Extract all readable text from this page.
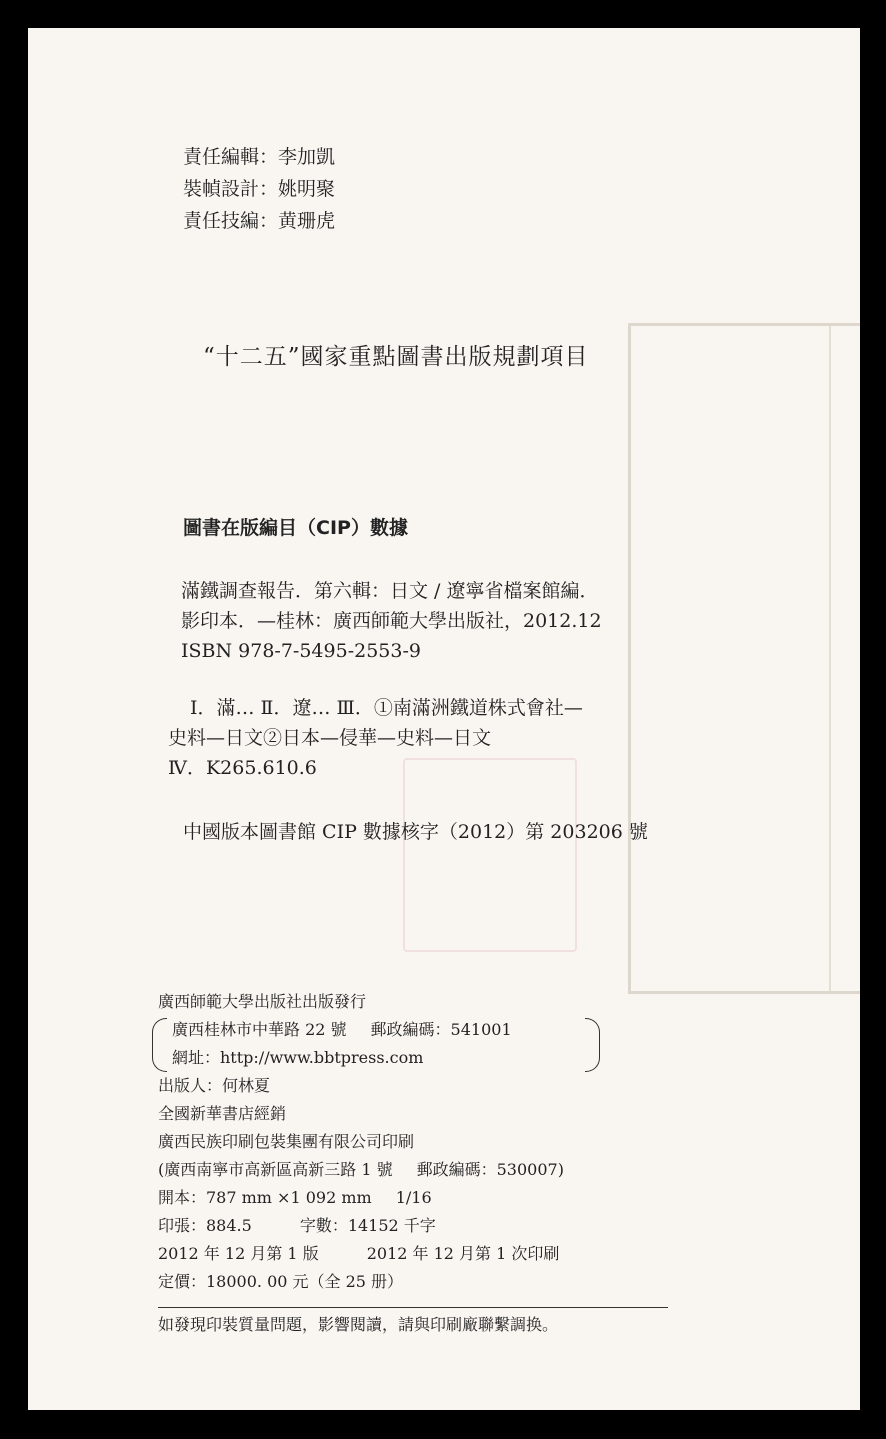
責任編輯：李加凱
裝幀設計：姚明聚
責任技編：黄珊虎
“十二五”國家重點圖書出版規劃項目
圖書在版編目（CIP）數據
滿鐵調查報告．第六輯：日文 / 遼寧省檔案館編．
影印本．—桂林：廣西師範大學出版社，2012.12
ISBN 978-7-5495-2553-9
Ⅰ．滿… Ⅱ．遼… Ⅲ．①南滿洲鐵道株式會社—
史料—日文②日本—侵華—史料—日文
Ⅳ．K265.610.6
中國版本圖書館 CIP 數據核字（2012）第 203206 號
廣西師範大學出版社出版發行
廣西桂林市中華路 22 號 郵政編碼：541001
網址：http://www.bbtpress.com
出版人：何林夏
全國新華書店經銷
廣西民族印刷包裝集團有限公司印刷
(廣西南寧市高新區高新三路 1 號 郵政編碼：530007)
開本：787 mm ×1 092 mm 1/16
印張：884.5	字數：14152 千字
2012 年 12 月第 1 版	2012 年 12 月第 1 次印刷
定價：18000. 00 元（全 25 册）
如發現印裝質量問題，影響閱讀，請與印刷廠聯繫調换。
